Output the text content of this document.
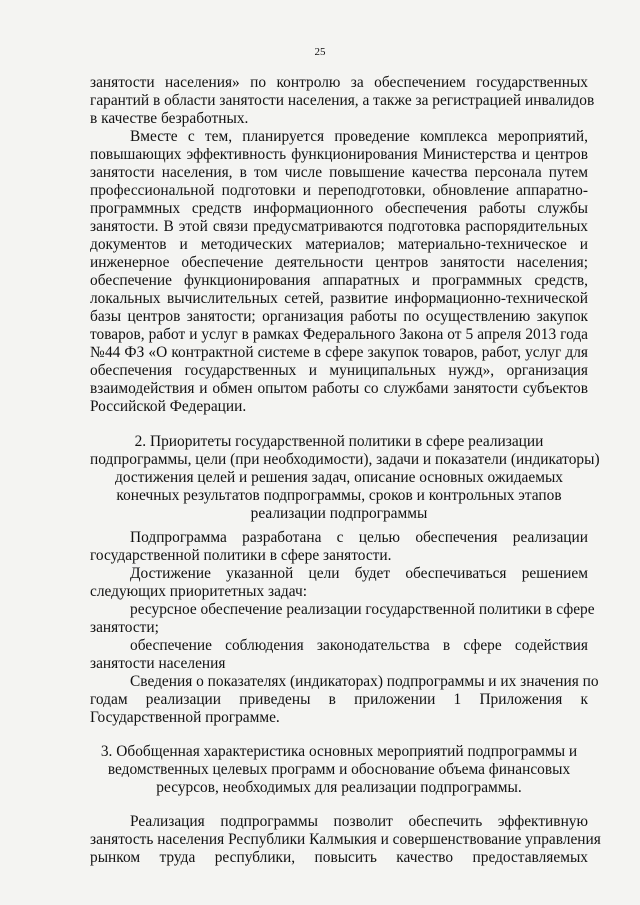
25
занятости населения» по контролю за обеспечением государственных
гарантий в области занятости населения, а также за регистрацией инвалидов
в качестве безработных.
Вместе с тем, планируется проведение комплекса мероприятий,
повышающих эффективность функционирования Министерства и центров
занятости населения, в том числе повышение качества персонала путем
профессиональной подготовки и переподготовки, обновление аппаратно-
программных средств информационного обеспечения работы службы
занятости. В этой связи предусматриваются подготовка распорядительных
документов и методических материалов; материально-техническое и
инженерное обеспечение деятельности центров занятости населения;
обеспечение функционирования аппаратных и программных средств,
локальных вычислительных сетей, развитие информационно-технической
базы центров занятости; организация работы по осуществлению закупок
товаров, работ и услуг в рамках Федерального Закона от 5 апреля 2013 года
№44 ФЗ «О контрактной системе в сфере закупок товаров, работ, услуг для
обеспечения государственных и муниципальных нужд», организация
взаимодействия и обмен опытом работы со службами занятости субъектов
Российской Федерации.
2. Приоритеты государственной политики в сфере реализации
подпрограммы, цели (при необходимости), задачи и показатели (индикаторы)
достижения целей и решения задач, описание основных ожидаемых
конечных результатов подпрограммы, сроков и контрольных этапов
реализации подпрограммы
Подпрограмма разработана с целью обеспечения реализации
государственной политики в сфере занятости.
Достижение указанной цели будет обеспечиваться решением
следующих приоритетных задач:
ресурсное обеспечение реализации государственной политики в сфере
занятости;
обеспечение соблюдения законодательства в сфере содействия
занятости населения
Сведения о показателях (индикаторах) подпрограммы и их значения по
годам реализации приведены в приложении 1 Приложения к
Государственной программе.
3. Обобщенная характеристика основных мероприятий подпрограммы и
ведомственных целевых программ и обоснование объема финансовых
ресурсов, необходимых для реализации подпрограммы.
Реализация подпрограммы позволит обеспечить эффективную
занятость населения Республики Калмыкия и совершенствование управления
рынком труда республики, повысить качество предоставляемых
